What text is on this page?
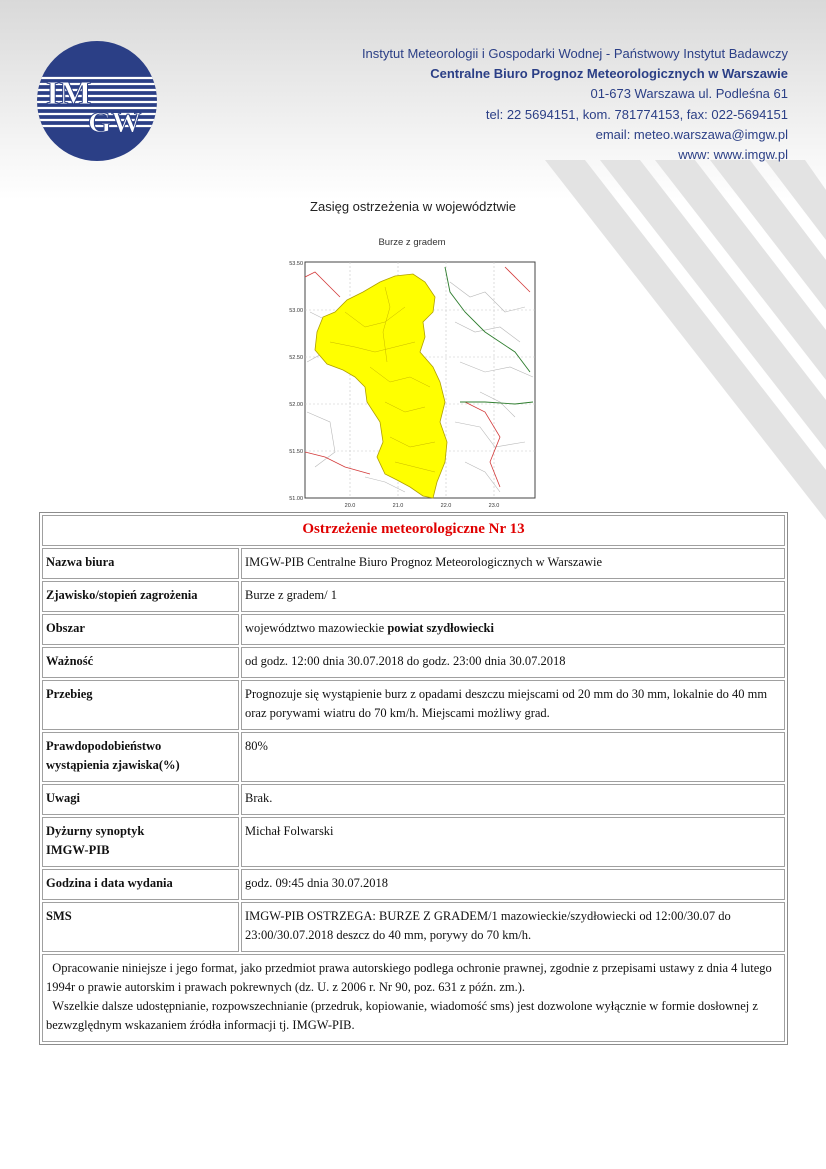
IM
GW
Instytut Meteorologii i Gospodarki Wodnej - Państwowy Instytut Badawczy
Centralne Biuro Prognoz Meteorologicznych w Warszawie
01-673 Warszawa ul. Podleśna 61
tel: 22 5694151, kom. 781774153, fax: 022-5694151
email: meteo.warszawa@imgw.pl
www: www.imgw.pl
Zasięg ostrzeżenia w województwie
Burze z gradem
53.50
53.00
52.50
52.00
51.50
51.00
20.0	21.0	22.0	23.0
Ostrzeżenie meteorologiczne Nr 13	
Nazwa biura	IMGW-PIB Centralne Biuro Prognoz Meteorologicznych w Warszawie
Zjawisko/stopień zagrożenia	Burze z gradem/ 1
Obszar	województwo mazowieckie powiat szydłowiecki
Ważność	od godz. 12:00 dnia 30.07.2018 do godz. 23:00 dnia 30.07.2018
Przebieg	Prognozuje się wystąpienie burz z opadami deszczu miejscami od 20 mm do 30 mm, lokalnie do 40 mm oraz porywami wiatru do 70 km/h. Miejscami możliwy grad.
Prawdopodobieństwo
wystąpienia zjawiska(%)	80%
Uwagi	Brak.
Dyżurny synoptyk
IMGW-PIB	Michał Folwarski
Godzina i data wydania	godz. 09:45 dnia 30.07.2018
SMS	IMGW-PIB OSTRZEGA: BURZE Z GRADEM/1 mazowieckie/szydłowiecki od 12:00/30.07 do 23:00/30.07.2018 deszcz do 40 mm, porywy do 70 km/h.

Opracowanie niniejsze i jego format, jako przedmiot prawa autorskiego podlega ochronie prawnej, zgodnie z przepisami ustawy z dnia 4 lutego 1994r o prawie autorskim i prawach pokrewnych (dz. U. z 2006 r. Nr 90, poz. 631 z późn. zm.).

Wszelkie dalsze udostępnianie, rozpowszechnianie (przedruk, kopiowanie, wiadomość sms) jest dozwolone wyłącznie w formie dosłownej z bezwzględnym wskazaniem źródła informacji tj. IMGW-PIB.	
